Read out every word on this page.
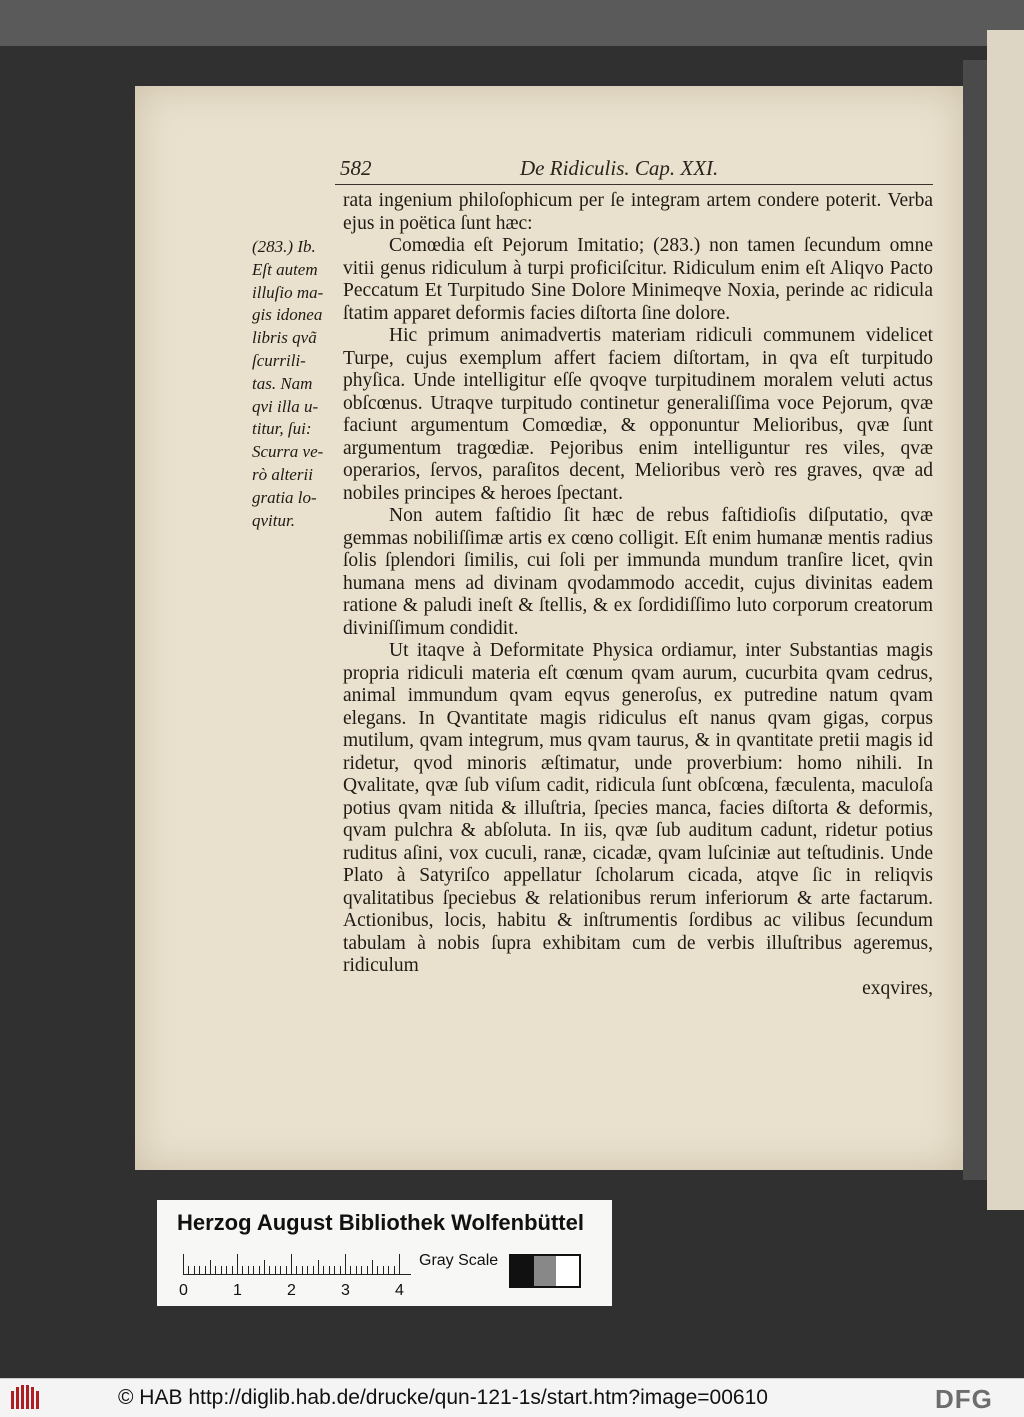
582	De Ridiculis. Cap. XXI.

rata ingenium philoſophicum per ſe integram artem condere poterit. Verba ejus in poëtica ſunt hæc:

Comœdia eſt Pejorum Imitatio; (283.) non tamen ſecundum omne vitii genus ridiculum à turpi proficiſcitur. Ridiculum enim eſt Aliqvo Pacto Peccatum Et Turpitudo Sine Dolore Minimeqve Noxia, perinde ac ridicula ſtatim apparet deformis facies diſtorta ſine dolore.

Hic primum animadvertis materiam ridiculi communem videlicet Turpe, cujus exemplum affert faciem diſtortam, in qva eſt turpitudo phyſica. Unde intelligitur eſſe qvoqve turpitudinem moralem veluti actus obſcœnus. Utraqve turpitudo continetur generaliſſima voce Pejorum, qvæ faciunt argumentum Comœdiæ, & opponuntur Melioribus, qvæ ſunt argumentum tragœdiæ. Pejoribus enim intelliguntur res viles, qvæ operarios, ſervos, paraſitos decent, Melioribus verò res graves, qvæ ad nobiles principes & heroes ſpectant.

Non autem faſtidio ſit hæc de rebus faſtidioſis diſputatio, qvæ gemmas nobiliſſimæ artis ex cœno colligit. Eſt enim humanæ mentis radius ſolis ſplendori ſimilis, cui ſoli per immunda mundum tranſire licet, qvin humana mens ad divinam qvodammodo accedit, cujus divinitas eadem ratione & paludi ineſt & ſtellis, & ex ſordidiſſimo luto corporum creatorum diviniſſimum condidit.

Ut itaqve à Deformitate Physica ordiamur, inter Substantias magis propria ridiculi materia eſt cœnum qvam aurum, cucurbita qvam cedrus, animal immundum qvam eqvus generoſus, ex putredine natum qvam elegans. In Qvantitate magis ridiculus eſt nanus qvam gigas, corpus mutilum, qvam integrum, mus qvam taurus, & in qvantitate pretii magis id ridetur, qvod minoris æſtimatur, unde proverbium: homo nihili. In Qvalitate, qvæ ſub viſum cadit, ridicula ſunt obſcœna, fæculenta, maculoſa potius qvam nitida & illuſtria, ſpecies manca, facies diſtorta & deformis, qvam pulchra & abſoluta. In iis, qvæ ſub auditum cadunt, ridetur potius ruditus aſini, vox cuculi, ranæ, cicadæ, qvam luſciniæ aut teſtudinis. Unde Plato à Satyriſco appellatur ſcholarum cicada, atqve ſic in reliqvis qvalitatibus ſpeciebus & relationibus rerum inferiorum & arte factarum. Actionibus, locis, habitu & inſtrumentis ſordibus ac vilibus ſecundum tabulam à nobis ſupra exhibitam cum de verbis illuſtribus ageremus, ridiculum

exqvires,

(283.) Ib.
Eſt autem
illuſio ma-
gis idonea
libris qvã
ſcurrili-
tas. Nam
qvi illa u-
titur, ſui:
Scurra ve-
rò alterii
gratia lo-
qvitur.
Herzog August Bibliothek Wolfenbüttel
0	1	2	3	4
Gray Scale
© HAB http://diglib.hab.de/drucke/qun-121-1s/start.htm?image=00610	DFG
